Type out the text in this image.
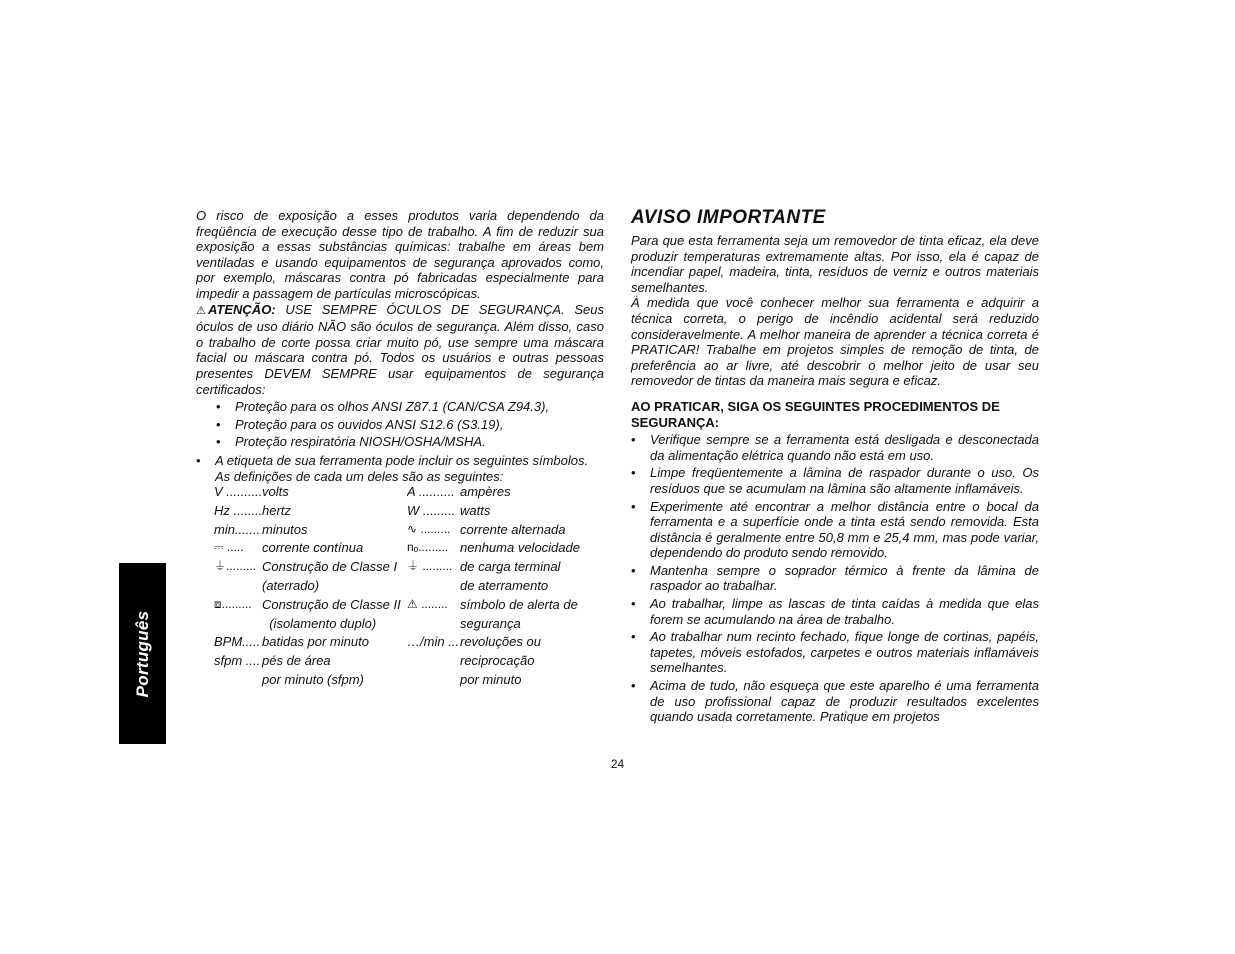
O risco de exposição a esses produtos varia dependendo da freqüência de execução desse tipo de trabalho. A fim de reduzir sua exposição a essas substâncias químicas: trabalhe em áreas bem ventiladas e usando equipamentos de segurança aprovados como, por exemplo, máscaras contra pó fabricadas especialmente para impedir a passagem de partículas microscópicas.

⚠ ATENÇÃO: USE SEMPRE ÓCULOS DE SEGURANÇA. Seus óculos de uso diário NÃO são óculos de segurança. Além disso, caso o trabalho de corte possa criar muito pó, use sempre uma máscara facial ou máscara contra pó. Todos os usuários e outras pessoas presentes DEVEM SEMPRE usar equipamentos de segurança certificados:

• Proteção para os olhos ANSI Z87.1 (CAN/CSA Z94.3),
• Proteção para os ouvidos ANSI S12.6 (S3.19),
• Proteção respiratória NIOSH/OSHA/MSHA.
• A etiqueta de sua ferramenta pode incluir os seguintes símbolos. As definições de cada um deles são as seguintes:
V .......... volts	A .......... ampères
Hz ........ hertz	W ......... watts
min....... minutos	∿ ......... corrente alternada
⎓ .....	corrente contínua	nₒ......... nenhuma velocidade
⏚......... Construção de Classe I ⏚ ......... de carga terminal
(aterrado)	de aterramento
⧈......... Construção de Classe II ⚠ ........ símbolo de alerta de
(isolamento duplo)	segurança
BPM..... batidas por minuto	…/min ... revoluções ou
sfpm .... pés de área	reciprocação
por minuto (sfpm)	por minuto
AVISO IMPORTANTE

Para que esta ferramenta seja um removedor de tinta eficaz, ela deve produzir temperaturas extremamente altas. Por isso, ela é capaz de incendiar papel, madeira, tinta, resíduos de verniz e outros materiais semelhantes.

À medida que você conhecer melhor sua ferramenta e adquirir a técnica correta, o perigo de incêndio acidental será reduzido consideravelmente. A melhor maneira de aprender a técnica correta é PRATICAR! Trabalhe em projetos simples de remoção de tinta, de preferência ao ar livre, até descobrir o melhor jeito de usar seu removedor de tintas da maneira mais segura e eficaz.

AO PRATICAR, SIGA OS SEGUINTES PROCEDIMENTOS DE SEGURANÇA:
• Verifique sempre se a ferramenta está desligada e desconectada da alimentação elétrica quando não está em uso.
• Limpe freqüentemente a lâmina de raspador durante o uso. Os resíduos que se acumulam na lâmina são altamente inflamáveis.
• Experimente até encontrar a melhor distância entre o bocal da ferramenta e a superfície onde a tinta está sendo removida. Esta distância é geralmente entre 50,8 mm e 25,4 mm, mas pode variar, dependendo do produto sendo removido.
• Mantenha sempre o soprador térmico à frente da lâmina de raspador ao trabalhar.
• Ao trabalhar, limpe as lascas de tinta caídas à medida que elas forem se acumulando na área de trabalho.
• Ao trabalhar num recinto fechado, fique longe de cortinas, papéis, tapetes, móveis estofados, carpetes e outros materiais inflamáveis semelhantes.
• Acima de tudo, não esqueça que este aparelho é uma ferramenta de uso profissional capaz de produzir resultados excelentes quando usada corretamente. Pratique em projetos
Português
24
